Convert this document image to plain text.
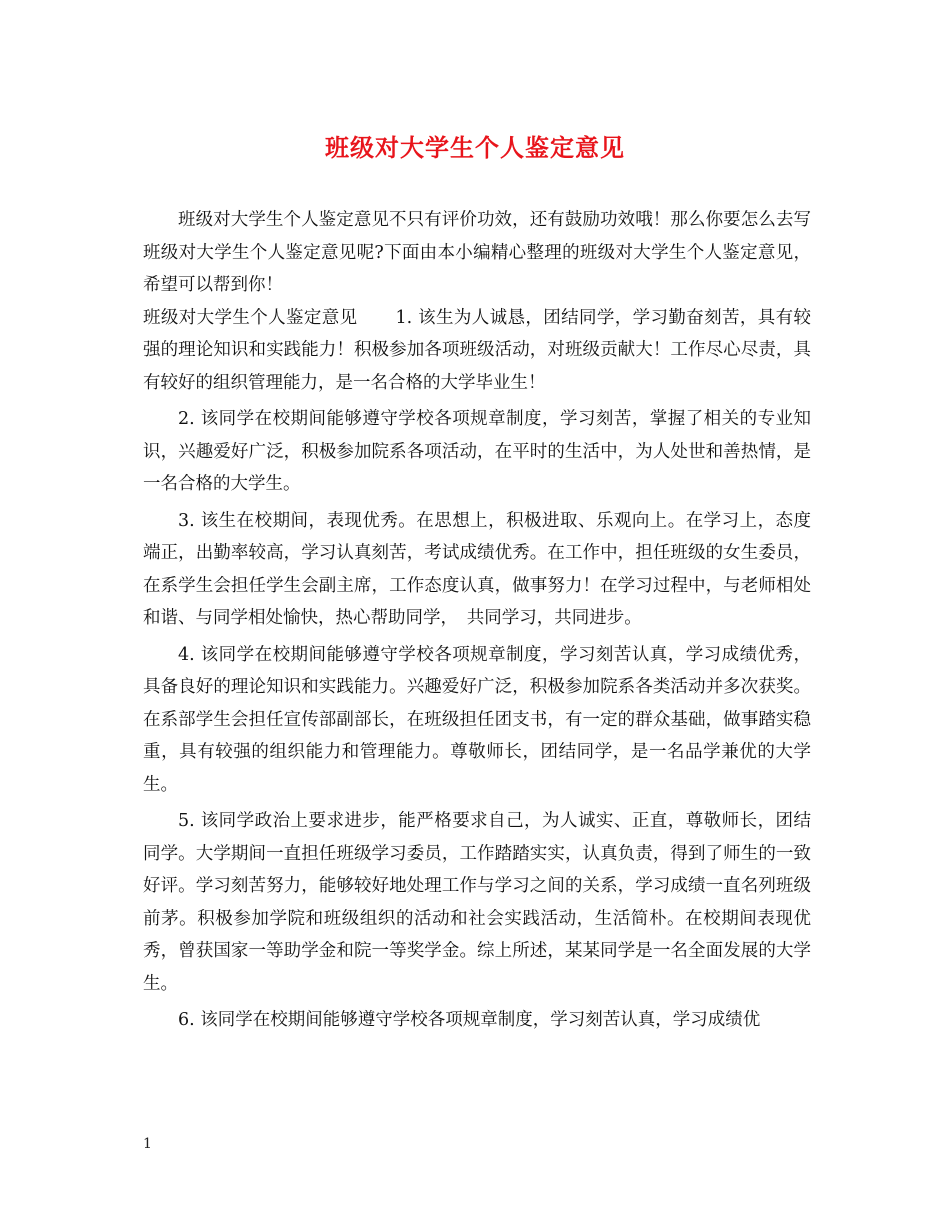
班级对大学生个人鉴定意见

班级对大学生个人鉴定意见不只有评价功效，还有鼓励功效哦！那么你要怎么去写班级对大学生个人鉴定意见呢?下面由本小编精心整理的班级对大学生个人鉴定意见，希望可以帮到你！

班级对大学生个人鉴定意见 1. 该生为人诚恳，团结同学，学习勤奋刻苦，具有较强的理论知识和实践能力！积极参加各项班级活动，对班级贡献大！工作尽心尽责，具有较好的组织管理能力，是一名合格的大学毕业生！

2. 该同学在校期间能够遵守学校各项规章制度，学习刻苦，掌握了相关的专业知识，兴趣爱好广泛，积极参加院系各项活动，在平时的生活中，为人处世和善热情，是一名合格的大学生。

3. 该生在校期间，表现优秀。在思想上，积极进取、乐观向上。在学习上，态度端正，出勤率较高，学习认真刻苦，考试成绩优秀。在工作中，担任班级的女生委员，在系学生会担任学生会副主席，工作态度认真，做事努力！在学习过程中，与老师相处和谐、与同学相处愉快，热心帮助同学，　共同学习，共同进步。

4. 该同学在校期间能够遵守学校各项规章制度，学习刻苦认真，学习成绩优秀，具备良好的理论知识和实践能力。兴趣爱好广泛，积极参加院系各类活动并多次获奖。在系部学生会担任宣传部副部长，在班级担任团支书，有一定的群众基础，做事踏实稳重，具有较强的组织能力和管理能力。尊敬师长，团结同学，是一名品学兼优的大学生。

5. 该同学政治上要求进步，能严格要求自己，为人诚实、正直，尊敬师长，团结同学。大学期间一直担任班级学习委员，工作踏踏实实，认真负责，得到了师生的一致好评。学习刻苦努力，能够较好地处理工作与学习之间的关系，学习成绩一直名列班级前茅。积极参加学院和班级组织的活动和社会实践活动，生活简朴。在校期间表现优秀，曾获国家一等助学金和院一等奖学金。综上所述，某某同学是一名全面发展的大学生。

6. 该同学在校期间能够遵守学校各项规章制度，学习刻苦认真，学习成绩优

1
